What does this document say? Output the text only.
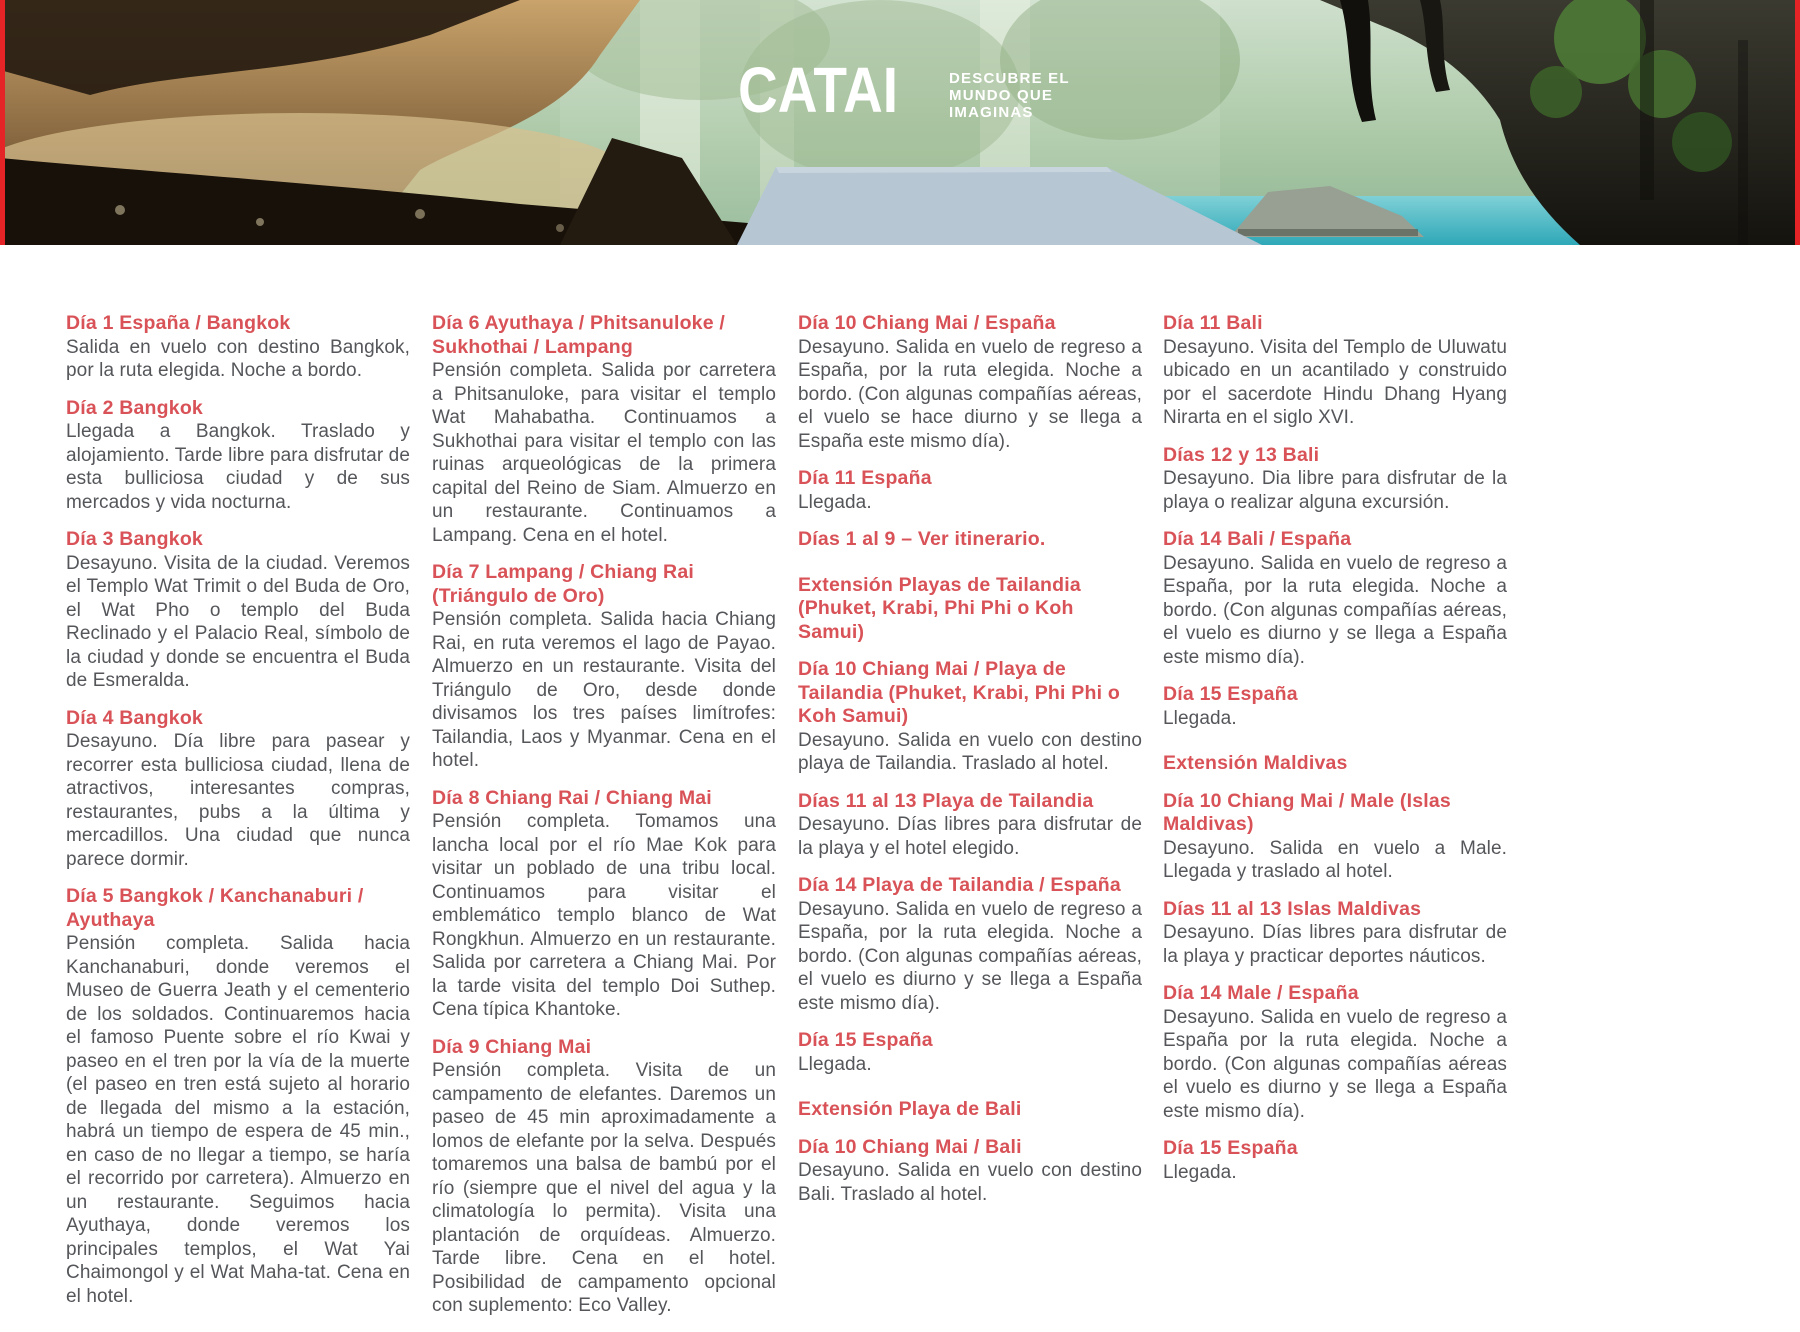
CATAI	DESCUBRE EL
MUNDO QUE
IMAGINAS
Día 1 España / Bangkok

Salida en vuelo con destino Bangkok, por la ruta elegida. Noche a bordo.

Día 2 Bangkok

Llegada a Bangkok. Traslado y alojamiento. Tarde libre para disfrutar de esta bulliciosa ciudad y de sus mercados y vida nocturna.

Día 3 Bangkok

Desayuno. Visita de la ciudad. Veremos el Templo Wat Trimit o del Buda de Oro, el Wat Pho o templo del Buda Reclinado y el Palacio Real, símbolo de la ciudad y donde se encuentra el Buda de Esmeralda.

Día 4 Bangkok

Desayuno. Día libre para pasear y recorrer esta bulliciosa ciudad, llena de atractivos, interesantes compras, restaurantes, pubs a la última y mercadillos. Una ciudad que nunca parece dormir.

Día 5 Bangkok / Kanchanaburi / Ayuthaya

Pensión completa. Salida hacia Kanchanaburi, donde veremos el Museo de Guerra Jeath y el cementerio de los soldados. Continuaremos hacia el famoso Puente sobre el río Kwai y paseo en el tren por la vía de la muerte (el paseo en tren está sujeto al horario de llegada del mismo a la estación, habrá un tiempo de espera de 45 min., en caso de no llegar a tiempo, se haría el recorrido por carretera). Almuerzo en un restaurante. Seguimos hacia Ayuthaya, donde veremos los principales templos, el Wat Yai Chaimongol y el Wat Maha-tat. Cena en el hotel.

Día 6 Ayuthaya / Phitsanuloke / Sukhothai / Lampang

Pensión completa. Salida por carretera a Phitsanuloke, para visitar el templo Wat Mahabatha. Continuamos a Sukhothai para visitar el templo con las ruinas arqueológicas de la primera capital del Reino de Siam. Almuerzo en un restaurante. Continuamos a Lampang. Cena en el hotel.

Día 7 Lampang / Chiang Rai (Triángulo de Oro)

Pensión completa. Salida hacia Chiang Rai, en ruta veremos el lago de Payao. Almuerzo en un restaurante. Visita del Triángulo de Oro, desde donde divisamos los tres países limítrofes: Tailandia, Laos y Myanmar. Cena en el hotel.

Día 8 Chiang Rai / Chiang Mai

Pensión completa. Tomamos una lancha local por el río Mae Kok para visitar un poblado de una tribu local. Continuamos para visitar el emblemático templo blanco de Wat Rongkhun. Almuerzo en un restaurante. Salida por carretera a Chiang Mai. Por la tarde visita del templo Doi Suthep. Cena típica Khantoke.

Día 9 Chiang Mai

Pensión completa. Visita de un campamento de elefantes. Daremos un paseo de 45 min aproximadamente a lomos de elefante por la selva. Después tomaremos una balsa de bambú por el río (siempre que el nivel del agua y la climatología lo permita). Visita una plantación de orquídeas. Almuerzo. Tarde libre. Cena en el hotel. Posibilidad de campamento opcional con suplemento: Eco Valley.

Día 10 Chiang Mai / España

Desayuno. Salida en vuelo de regreso a España, por la ruta elegida. Noche a bordo. (Con algunas compañías aéreas, el vuelo se hace diurno y se llega a España este mismo día).

Día 11 España

Llegada.

Días 1 al 9 – Ver itinerario.
Extensión Playas de Tailandia (Phuket, Krabi, Phi Phi o Koh Samui)
Día 10 Chiang Mai / Playa de Tailandia (Phuket, Krabi, Phi Phi o Koh Samui)

Desayuno. Salida en vuelo con destino playa de Tailandia. Traslado al hotel.

Días 11 al 13 Playa de Tailandia

Desayuno. Días libres para disfrutar de la playa y el hotel elegido.

Día 14 Playa de Tailandia / España

Desayuno. Salida en vuelo de regreso a España, por la ruta elegida. Noche a bordo. (Con algunas compañías aéreas, el vuelo es diurno y se llega a España este mismo día).

Día 15 España

Llegada.

Extensión Playa de Bali
Día 10 Chiang Mai / Bali

Desayuno. Salida en vuelo con destino Bali. Traslado al hotel.

Día 11 Bali

Desayuno. Visita del Templo de Uluwatu ubicado en un acantilado y construido por el sacerdote Hindu Dhang Hyang Nirarta en el siglo XVI.

Días 12 y 13 Bali

Desayuno. Dia libre para disfrutar de la playa o realizar alguna excursión.

Día 14 Bali / España

Desayuno. Salida en vuelo de regreso a España, por la ruta elegida. Noche a bordo. (Con algunas compañías aéreas, el vuelo es diurno y se llega a España este mismo día).

Día 15 España

Llegada.

Extensión Maldivas
Día 10 Chiang Mai / Male (Islas Maldivas)

Desayuno. Salida en vuelo a Male. Llegada y traslado al hotel.

Días 11 al 13 Islas Maldivas

Desayuno. Días libres para disfrutar de la playa y practicar deportes náuticos.

Día 14 Male / España

Desayuno. Salida en vuelo de regreso a España por la ruta elegida. Noche a bordo. (Con algunas compañías aéreas el vuelo es diurno y se llega a España este mismo día).

Día 15 España

Llegada.
